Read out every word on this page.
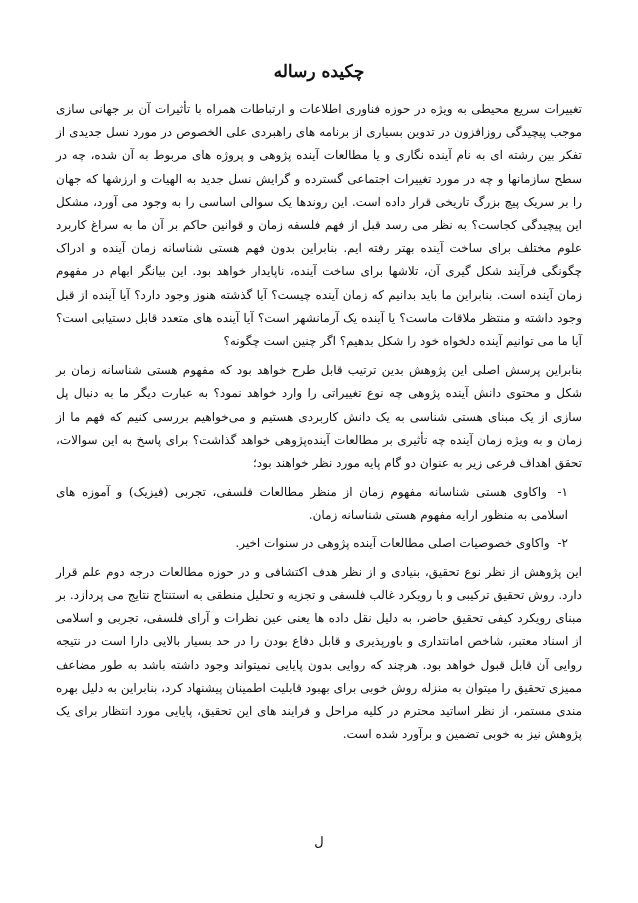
چکیده رساله

تغییرات سریع محیطی به ویژه در حوزه فناوری اطلاعات و ارتباطات همراه با تأثیرات آن بر جهانی سازی موجب پیچیدگی روزافزون در تدوین بسیاری از برنامه های راهبردی علی الخصوص در مورد نسل جدیدی از تفکر بین رشته ای به نام آینده نگاری و یا مطالعات آینده پژوهی و پروژه های مربوط به آن شده، چه در سطح سازمانها و چه در مورد تغییرات اجتماعی گسترده و گرایش نسل جدید به الهیات و ارزشها که جهان را بر سریک پیچ بزرگ تاریخی قرار داده است. این روندها یک سوالی اساسی را به وجود می آورد، مشکل این پیچیدگی کجاست؟ به نظر می رسد قبل از فهم فلسفه زمان و قوانین حاکم بر آن ما به سراغ کاربرد علوم مختلف برای ساخت آینده بهتر رفته ایم. بنابراین بدون فهم هستی شناسانه زمان آینده و ادراک چگونگی فرآیند شکل گیری آن، تلاشها برای ساخت آینده، ناپایدار خواهد بود. این بیانگر ابهام در مفهوم زمان آینده است. بنابراین ما باید بدانیم که زمان آینده چیست؟ آیا گذشته هنوز وجود دارد؟ آیا آینده از قبل وجود داشته و منتظر ملاقات ماست؟ یا آینده یک آرمانشهر است؟ آیا آینده های متعدد قابل دستیابی است؟ آیا ما می توانیم آینده دلخواه خود را شکل بدهیم؟ اگر چنین است چگونه؟

بنابراین پرسش اصلی این پژوهش بدین ترتیب قابل طرح خواهد بود که مفهوم هستی شناسانه زمان بر شکل و محتوی دانش آینده پژوهی چه نوع تغییراتی را وارد خواهد نمود؟ به عبارت دیگر ما به دنبال پل سازی از یک مبنای هستی شناسی به یک دانش کاربردی هستیم و می‌خواهیم بررسی کنیم که فهم ما از زمان و به ویژه زمان آینده چه تأثیری بر مطالعات آینده‌پژوهی خواهد گذاشت؟ برای پاسخ به این سوالات، تحقق اهداف فرعی زیر به عنوان دو گام پایه مورد نظر خواهند بود؛

۱- واکاوی هستی شناسانه مفهوم زمان از منظر مطالعات فلسفی، تجربی (فیزیک) و آموزه های اسلامی به منظور ارایه مفهوم هستی شناسانه زمان.
۲- واکاوی خصوصیات اصلی مطالعات آینده پژوهی در سنوات اخیر.

این پژوهش از نظر نوع تحقیق، بنیادی و از نظر هدف اکتشافی و در حوزه مطالعات درجه دوم علم قرار دارد. روش تحقیق ترکیبی و با رویکرد غالب فلسفی و تجزیه و تحلیل منطقی به استنتاج نتایج می پردازد. بر مبنای رویکرد کیفی تحقیق حاضر، به دلیل نقل داده ها یعنی عین نظرات و آرای فلسفی، تجربی و اسلامی از اسناد معتبر، شاخص امانتداری و باورپذیری و قابل دفاع بودن را در حد بسیار بالایی دارا است در نتیجه روایی آن قابل قبول خواهد بود. هرچند که روایی بدون پایایی نمیتواند وجود داشته باشد به طور مضاعف ممیزی تحقیق را میتوان به منزله روش خوبی برای بهبود قابلیت اطمینان پیشنهاد کرد، بنابراین به دلیل بهره مندی مستمر، از نظر اساتید محترم در کلیه مراحل و فرایند های این تحقیق، پایایی مورد انتظار برای یک پژوهش نیز به خوبی تضمین و برآورد شده است.

ل
